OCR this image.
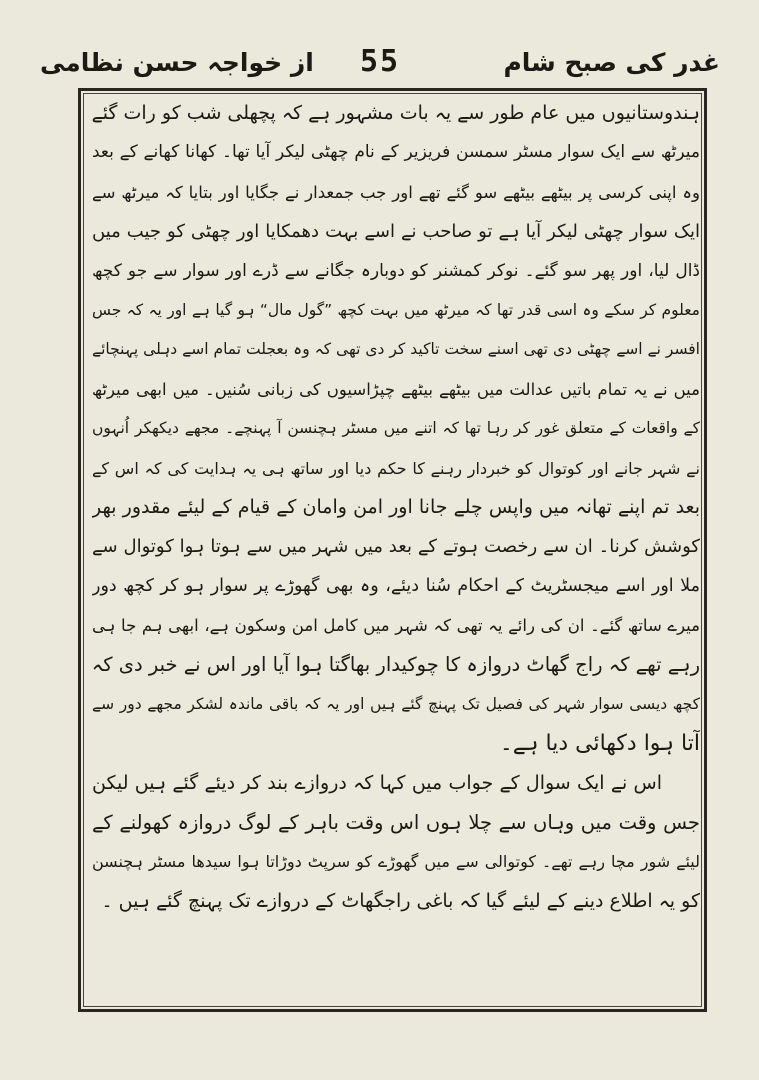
از خواجہ حسن نظامی	55	غدر کی صبح شام
ہندوستانیوں میں عام طور سے یہ بات مشہور ہے کہ پچھلی شب کو رات گئے
میرٹھ سے ایک سوار مسٹر سمسن فریزیر کے نام چھٹی لیکر آیا تھا۔ کھانا کھانے کے بعد
وہ اپنی کرسی پر بیٹھے بیٹھے سو گئے تھے اور جب جمعدار نے جگایا اور بتایا کہ میرٹھ سے
ایک سوار چھٹی لیکر آیا ہے تو صاحب نے اسے بہت دھمکایا اور چھٹی کو جیب میں
ڈال لیا، اور پھر سو گئے۔ نوکر کمشنر کو دوبارہ جگانے سے ڈرے اور سوار سے جو کچھ
معلوم کر سکے وہ اسی قدر تھا کہ میرٹھ میں بہت کچھ ”گول مال“ ہو گیا ہے اور یہ کہ جس
افسر نے اسے چھٹی دی تھی اسنے سخت تاکید کر دی تھی کہ وہ بعجلت تمام اسے دہلی پہنچائے
میں نے یہ تمام باتیں عدالت میں بیٹھے بیٹھے چپڑاسیوں کی زبانی سُنیں۔ میں ابھی میرٹھ
کے واقعات کے متعلق غور کر رہا تھا کہ اتنے میں مسٹر ہچنسن آ پہنچے۔ مجھے دیکھکر اُنہوں
نے شہر جانے اور کوتوال کو خبردار رہنے کا حکم دیا اور ساتھ ہی یہ ہدایت کی کہ اس کے
بعد تم اپنے تھانہ میں واپس چلے جانا اور امن وامان کے قیام کے لیئے مقدور بھر
کوشش کرنا۔ ان سے رخصت ہوتے کے بعد میں شہر میں سے ہوتا ہوا کوتوال سے
ملا اور اسے میجسٹریٹ کے احکام سُنا دیئے، وہ بھی گھوڑے پر سوار ہو کر کچھ دور
میرے ساتھ گئے۔ ان کی رائے یہ تھی کہ شہر میں کامل امن وسکون ہے، ابھی ہم جا ہی
رہے تھے کہ راج گھاٹ دروازہ کا چوکیدار بھاگتا ہوا آیا اور اس نے خبر دی کہ
کچھ دیسی سوار شہر کی فصیل تک پہنچ گئے ہیں اور یہ کہ باقی ماندہ لشکر مجھے دور سے
آتا ہوا دکھائی دیا ہے۔
اس نے ایک سوال کے جواب میں کہا کہ دروازے بند کر دیئے گئے ہیں لیکن
جس وقت میں وہاں سے چلا ہوں اس وقت باہر کے لوگ دروازہ کھولنے کے
لیئے شور مچا رہے تھے۔ کوتوالی سے میں گھوڑے کو سرپٹ دوڑاتا ہوا سیدھا مسٹر ہچنسن
کو یہ اطلاع دینے کے لیئے گیا کہ باغی راجگھاٹ کے دروازے تک پہنچ گئے ہیں ۔
